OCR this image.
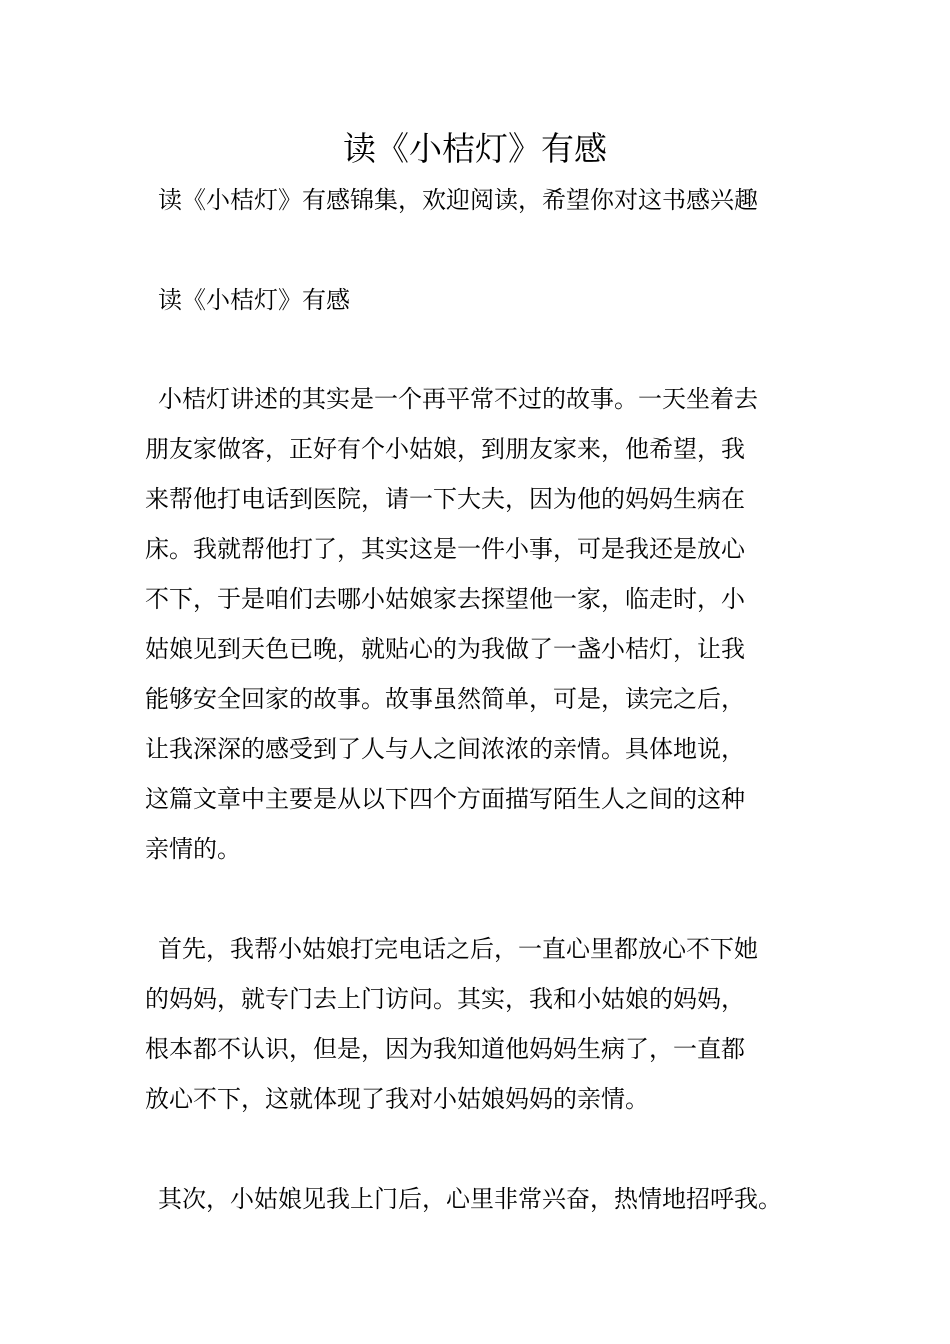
读《小桔灯》有感
读《小桔灯》有感锦集，欢迎阅读，希望你对这书感兴趣
读《小桔灯》有感
小桔灯讲述的其实是一个再平常不过的故事。一天坐着去
朋友家做客，正好有个小姑娘，到朋友家来，他希望，我
来帮他打电话到医院，请一下大夫，因为他的妈妈生病在
床。我就帮他打了，其实这是一件小事，可是我还是放心
不下，于是咱们去哪小姑娘家去探望他一家，临走时，小
姑娘见到天色已晚，就贴心的为我做了一盏小桔灯，让我
能够安全回家的故事。故事虽然简单，可是，读完之后，
让我深深的感受到了人与人之间浓浓的亲情。具体地说，
这篇文章中主要是从以下四个方面描写陌生人之间的这种
亲情的。
首先，我帮小姑娘打完电话之后，一直心里都放心不下她
的妈妈，就专门去上门访问。其实，我和小姑娘的妈妈，
根本都不认识，但是，因为我知道他妈妈生病了，一直都
放心不下，这就体现了我对小姑娘妈妈的亲情。
其次，小姑娘见我上门后，心里非常兴奋，热情地招呼我。
